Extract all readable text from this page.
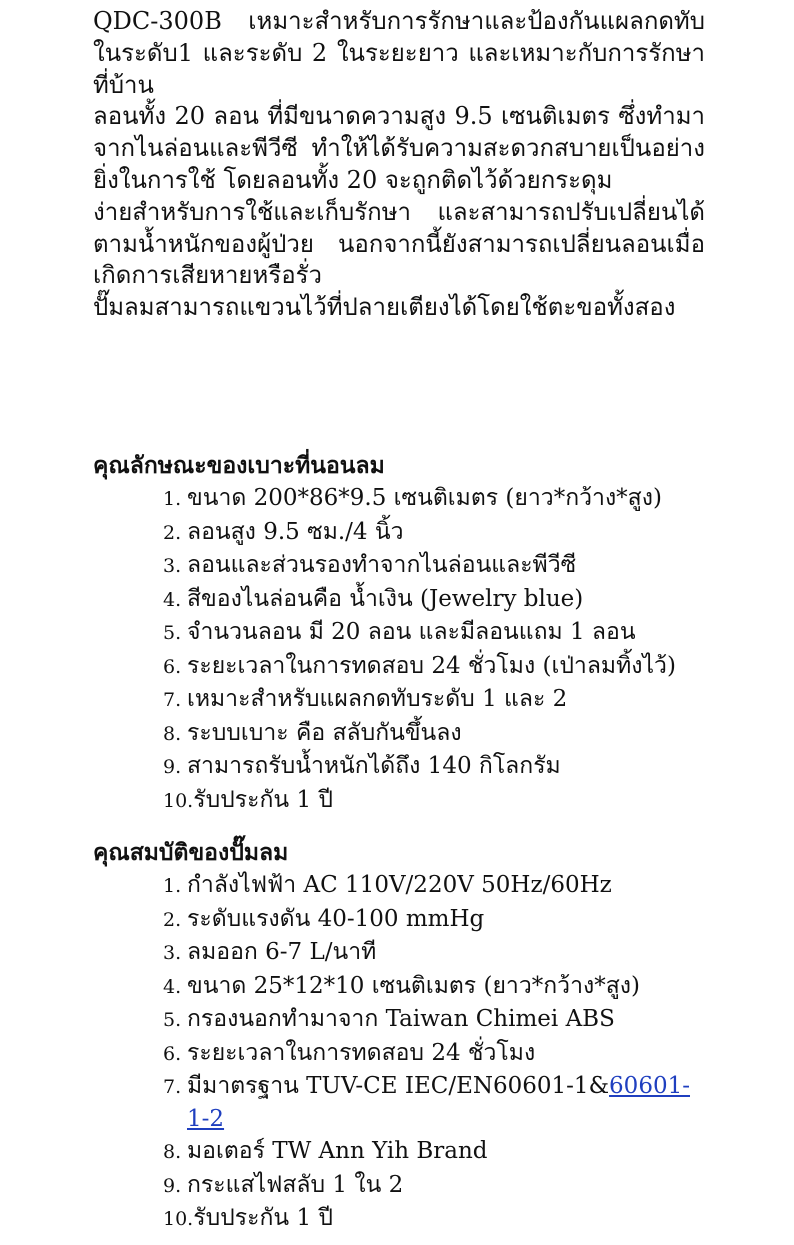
QDC-300B เหมาะสำหรับการรักษาและป้องกันแผลกดทับในระดับ1 และระดับ 2 ในระยะยาว และเหมาะกับการรักษาที่บ้าน

ลอนทั้ง 20 ลอน ที่มีขนาดความสูง 9.5 เซนติเมตร ซึ่งทำมาจากไนล่อนและพีวีซี ทำให้ได้รับความสะดวกสบายเป็นอย่างยิ่งในการใช้ โดยลอนทั้ง 20 จะถูกติดไว้ด้วยกระดุม

ง่ายสำหรับการใช้และเก็บรักษา และสามารถปรับเปลี่ยนได้ตามน้ำหนักของผู้ป่วย นอกจากนี้ยังสามารถเปลี่ยนลอนเมื่อเกิดการเสียหายหรือรั่ว

ปั๊มลมสามารถแขวนไว้ที่ปลายเตียงได้โดยใช้ตะขอทั้งสอง

คุณลักษณะของเบาะที่นอนลม
1. ขนาด 200*86*9.5 เซนติเมตร (ยาว*กว้าง*สูง)
2. ลอนสูง 9.5 ซม./4 นิ้ว
3. ลอนและส่วนรองทำจากไนล่อนและพีวีซี
4. สีของไนล่อนคือ น้ำเงิน (Jewelry blue)
5. จำนวนลอน มี 20 ลอน และมีลอนแถม 1 ลอน
6. ระยะเวลาในการทดสอบ 24 ชั่วโมง (เป่าลมทิ้งไว้)
7. เหมาะสำหรับแผลกดทับระดับ 1 และ 2
8. ระบบเบาะ คือ สลับกันขึ้นลง
9. สามารถรับน้ำหนักได้ถึง 140 กิโลกรัม
10. รับประกัน 1 ปี
คุณสมบัติของปั๊มลม
1. กำลังไฟฟ้า AC 110V/220V 50Hz/60Hz
2. ระดับแรงดัน 40-100 mmHg
3. ลมออก 6-7 L/นาที
4. ขนาด 25*12*10 เซนติเมตร (ยาว*กว้าง*สูง)
5. กรองนอกทำมาจาก Taiwan Chimei ABS
6. ระยะเวลาในการทดสอบ 24 ชั่วโมง
7. มีมาตรฐาน TUV-CE IEC/EN60601-1&60601-1-2
8. มอเตอร์ TW Ann Yih Brand
9. กระแสไฟสลับ 1 ใน 2
10. รับประกัน 1 ปี
